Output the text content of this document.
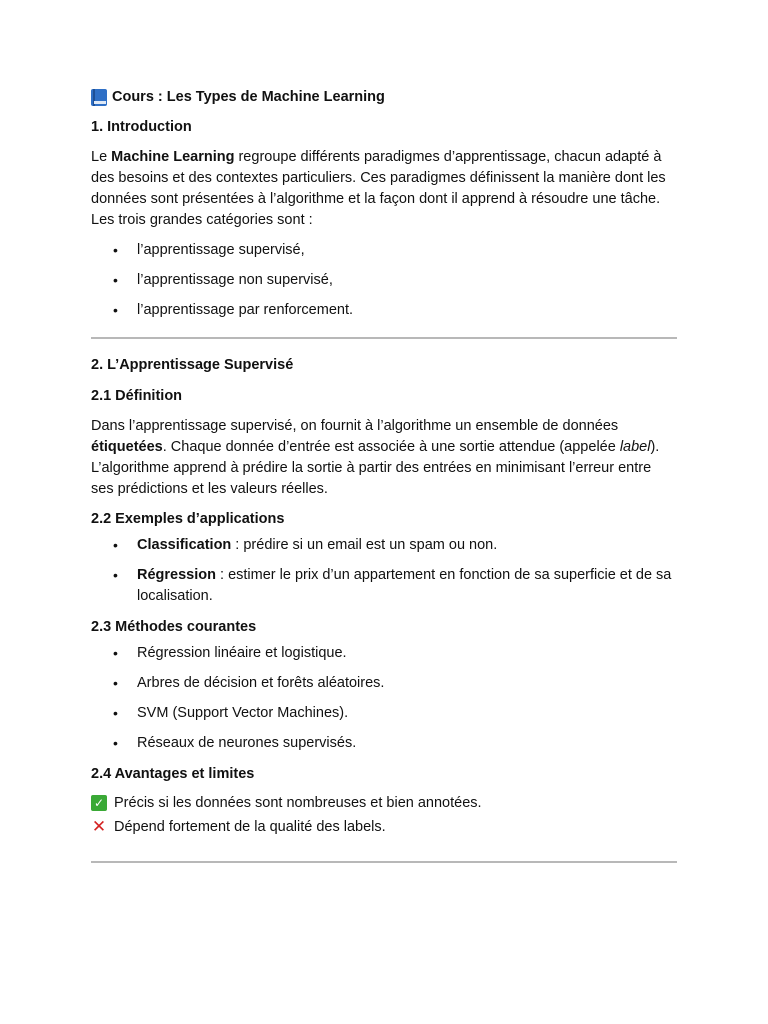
Cours : Les Types de Machine Learning
1. Introduction

Le Machine Learning regroupe différents paradigmes d’apprentissage, chacun adapté à des besoins et des contextes particuliers. Ces paradigmes définissent la manière dont les données sont présentées à l’algorithme et la façon dont il apprend à résoudre une tâche.

Les trois grandes catégories sont :

• l’apprentissage supervisé,
• l’apprentissage non supervisé,
• l’apprentissage par renforcement.
2. L’Apprentissage Supervisé
2.1 Définition

Dans l’apprentissage supervisé, on fournit à l’algorithme un ensemble de données étiquetées. Chaque donnée d’entrée est associée à une sortie attendue (appelée label).

L’algorithme apprend à prédire la sortie à partir des entrées en minimisant l’erreur entre ses prédictions et les valeurs réelles.

2.2 Exemples d’applications
• Classification : prédire si un email est un spam ou non.
• Régression : estimer le prix d’un appartement en fonction de sa superficie et de sa localisation.
2.3 Méthodes courantes
• Régression linéaire et logistique.
• Arbres de décision et forêts aléatoires.
• SVM (Support Vector Machines).
• Réseaux de neurones supervisés.
2.4 Avantages et limites
✓ Précis si les données sont nombreuses et bien annotées.
✕ Dépend fortement de la qualité des labels.
